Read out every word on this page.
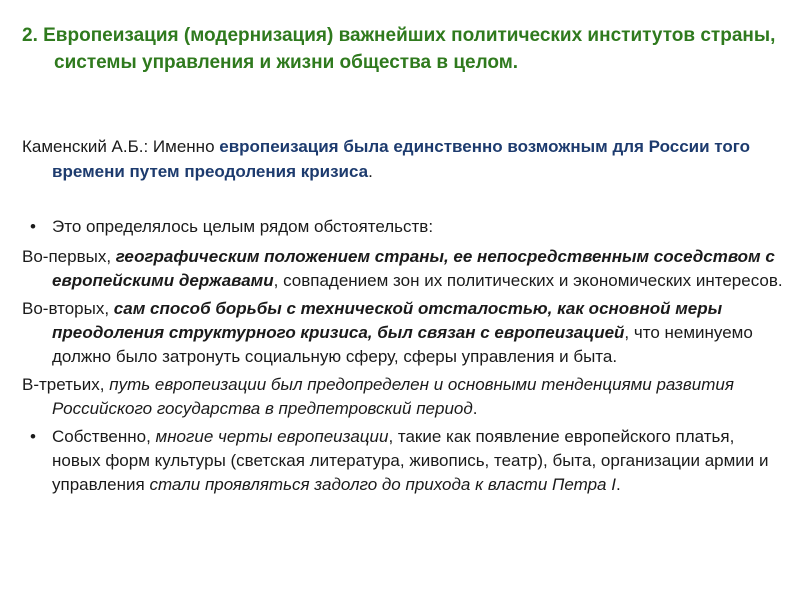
2. Европеизация (модернизация) важнейших политических институтов страны, системы управления и жизни общества в целом.

Каменский А.Б.: Именно европеизация была единственно возможным для России того времени путем преодоления кризиса.

• Это определялось целым рядом обстоятельств:

Во-первых, географическим положением страны, ее непосредственным соседством с европейскими державами, совпадением зон их политических и экономических интересов.

Во-вторых, сам способ борьбы с технической отсталостью, как основной меры преодоления структурного кризиса, был связан с европеизацией, что неминуемо должно было затронуть социальную сферу, сферы управления и быта.

В-третьих, путь европеизации был предопределен и основными тенденциями развития Российского государства в предпетровский период.

• Собственно, многие черты европеизации, такие как появление европейского платья, новых форм культуры (светская литература, живопись, театр), быта, организации армии и управления стали проявляться задолго до прихода к власти Петра I.
